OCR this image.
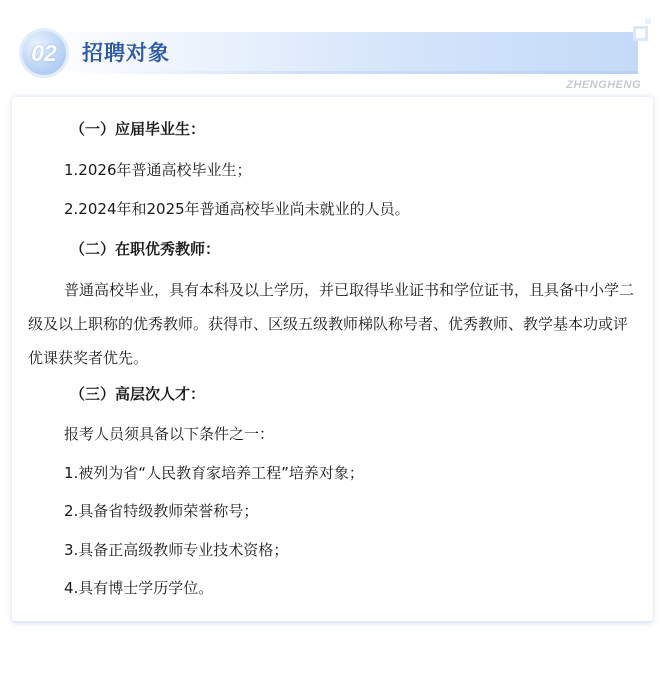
02	招聘对象
ZHENGHENG

（一）应届毕业生：

1.2026年普通高校毕业生；

2.2024年和2025年普通高校毕业尚未就业的人员。

（二）在职优秀教师：

普通高校毕业，具有本科及以上学历，并已取得毕业证书和学位证书，且具备中小学二级及以上职称的优秀教师。获得市、区级五级教师梯队称号者、优秀教师、教学基本功或评优课获奖者优先。

（三）高层次人才：

报考人员须具备以下条件之一：

1.被列为省“人民教育家培养工程”培养对象；

2.具备省特级教师荣誉称号；

3.具备正高级教师专业技术资格；

4.具有博士学历学位。
